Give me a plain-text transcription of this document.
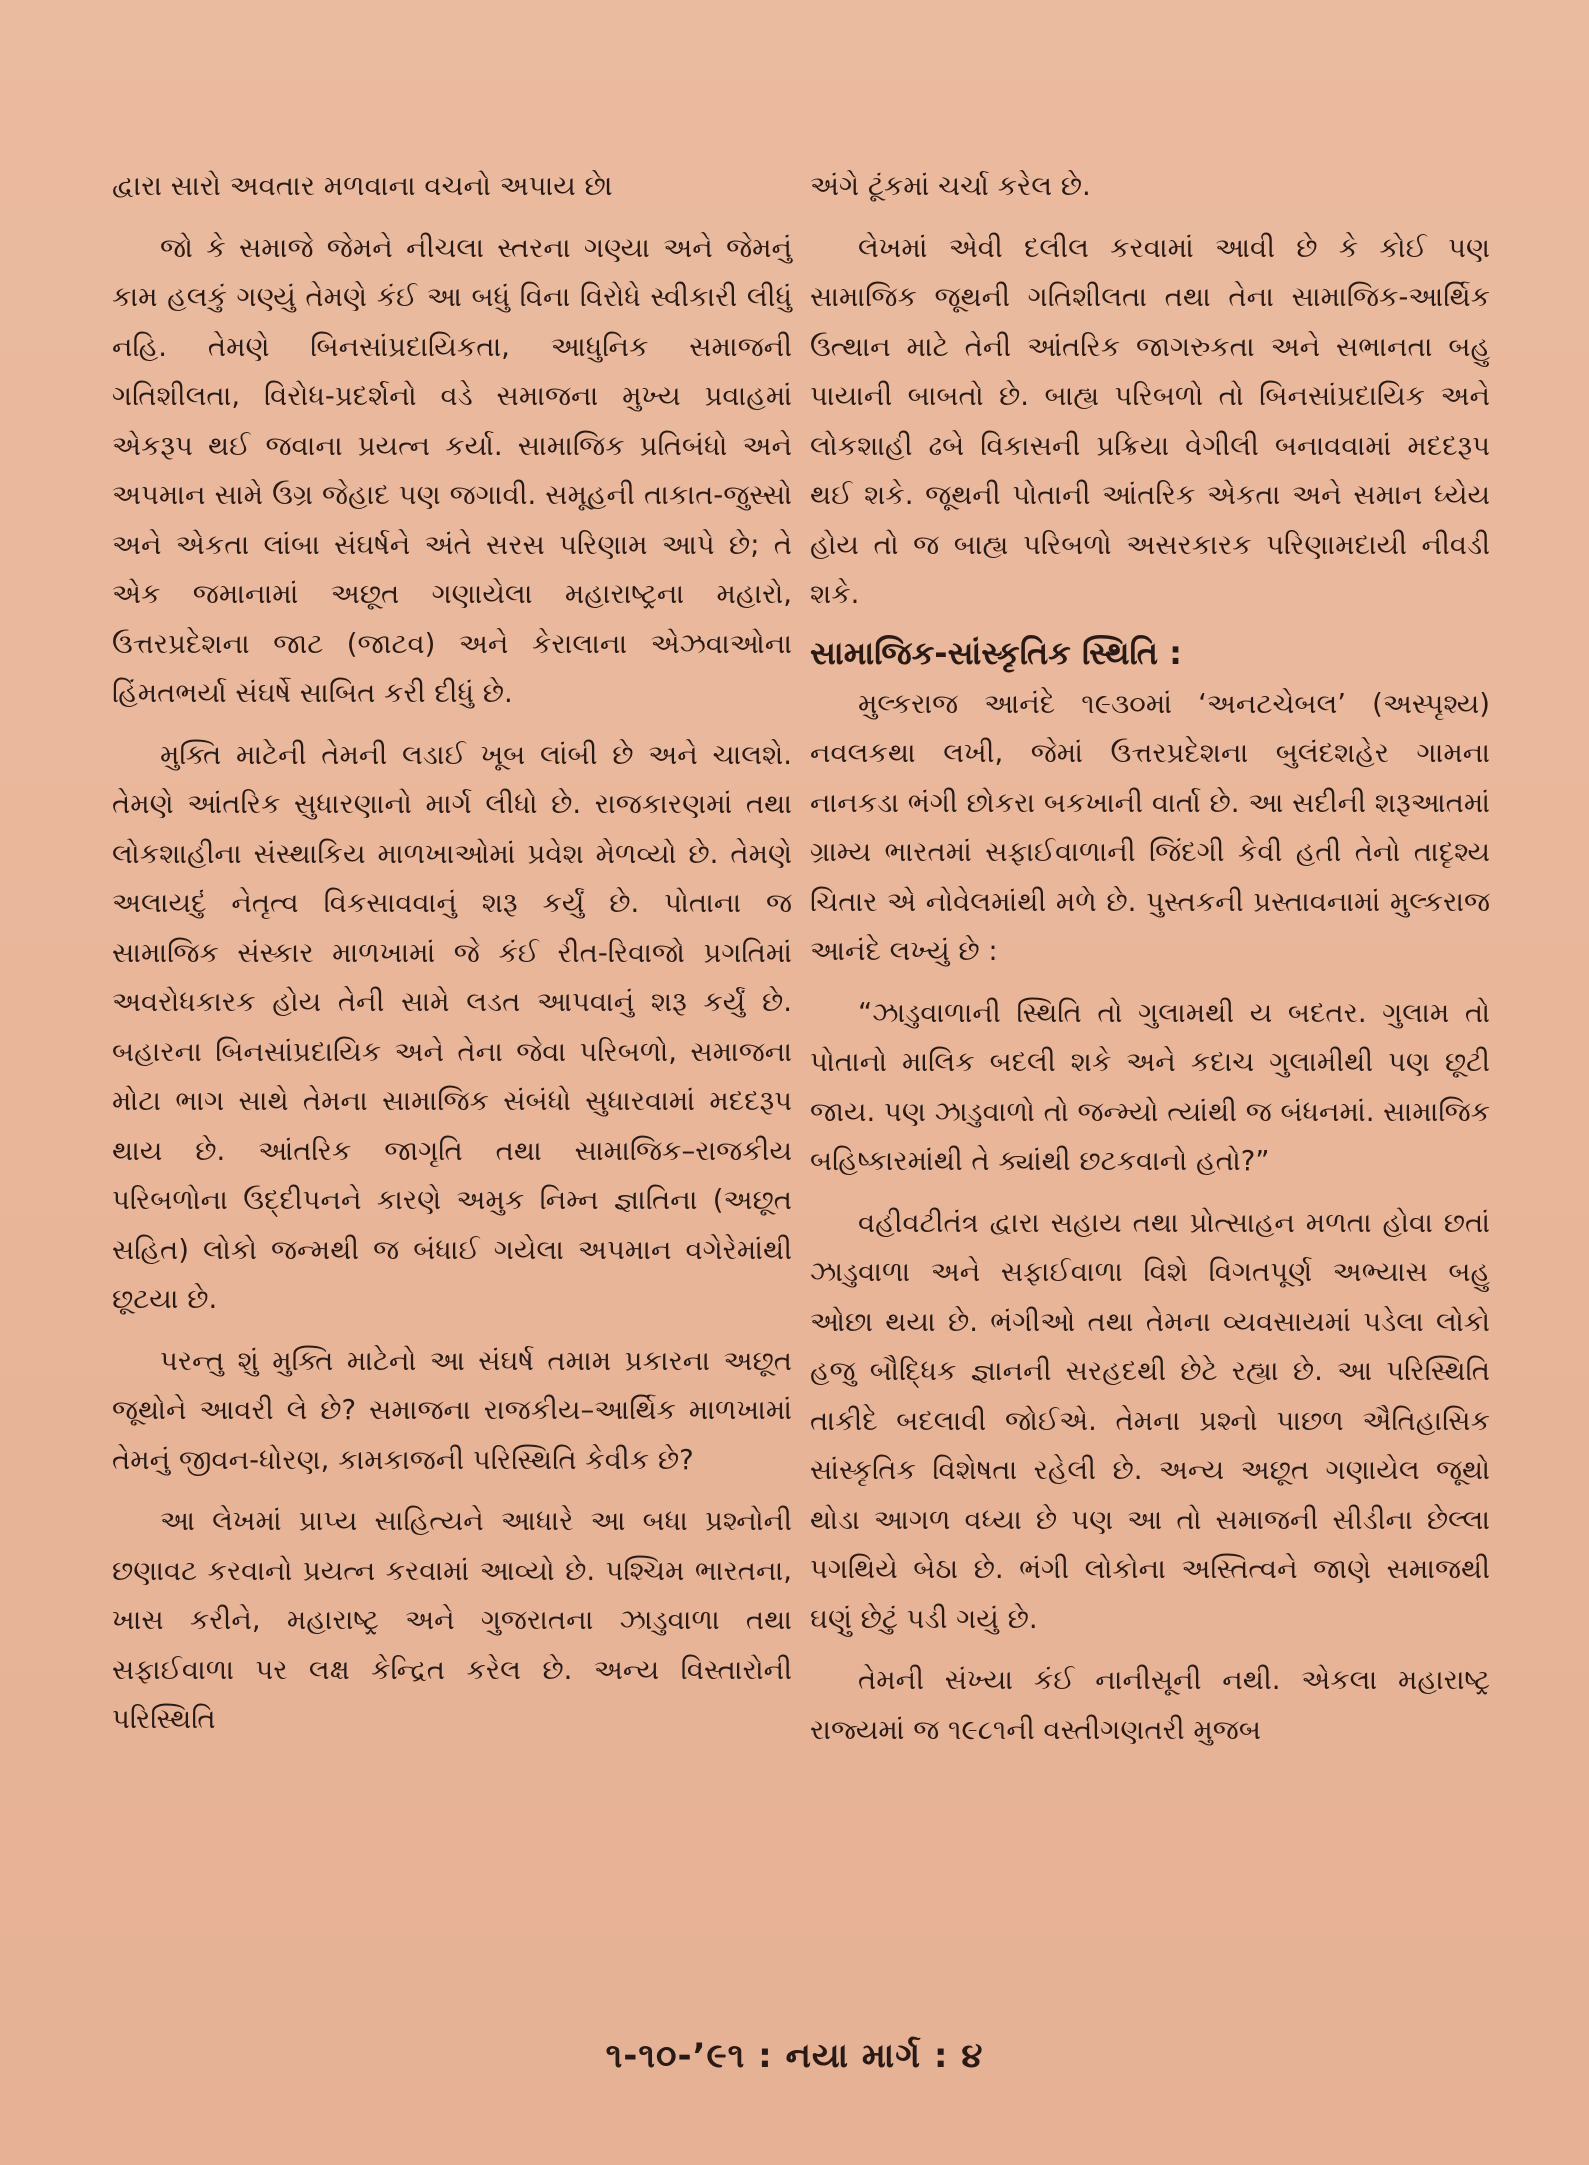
દ્વારા સારો અવતાર મળવાના વચનો અપાય છે।

જો કે સમાજે જેમને નીચલા સ્તરના ગણ્યા અને જેમનું કામ હલકું ગણ્યું તેમણે કંઈ આ બધું વિના વિરોધે સ્વીકારી લીધું નહિ. તેમણે બિનસાંપ્રદાયિકતા, આધુનિક સમાજની ગતિશીલતા, વિરોધ-પ્રદર્શનો વડે સમાજના મુખ્ય પ્રવાહમાં એકરૂપ થઈ જવાના પ્રયત્ન કર્યા. સામાજિક પ્રતિબંધો અને અપમાન સામે ઉગ્ર જેહાદ પણ જગાવી. સમૂહની તાકાત-જુસ્સો અને એકતા લાંબા સંઘર્ષને અંતે સરસ પરિણામ આપે છે; તે એક જમાનામાં અછૂત ગણાયેલા મહારાષ્ટ્રના મહારો, ઉત્તરપ્રદેશના જાટ (જાટવ) અને કેરાલાના એઝવાઓના હિંમતભર્યા સંઘર્ષે સાબિત કરી દીધું છે.

મુક્તિ માટેની તેમની લડાઈ ખૂબ લાંબી છે અને ચાલશે. તેમણે આંતરિક સુધારણાનો માર્ગ લીધો છે. રાજકારણમાં તથા લોકશાહીના સંસ્થાકિય માળખાઓમાં પ્રવેશ મેળવ્યો છે. તેમણે અલાયદું નેતૃત્વ વિકસાવવાનું શરૂ કર્યું છે. પોતાના જ સામાજિક સંસ્કાર માળખામાં જે કંઈ રીત-રિવાજો પ્રગતિમાં અવરોધકારક હોય તેની સામે લડત આપવાનું શરૂ કર્યું છે. બહારના બિનસાંપ્રદાયિક અને તેના જેવા પરિબળો, સમાજના મોટા ભાગ સાથે તેમના સામાજિક સંબંધો સુધારવામાં મદદરૂપ થાય છે. આંતરિક જાગૃતિ તથા સામાજિક–રાજકીય પરિબળોના ઉદ્દીપનને કારણે અમુક નિમ્ન જ્ઞાતિના (અછૂત સહિત) લોકો જન્મથી જ બંધાઈ ગયેલા અપમાન વગેરેમાંથી છૂટયા છે.

પરન્તુ શું મુક્તિ માટેનો આ સંઘર્ષ તમામ પ્રકારના અછૂત જૂથોને આવરી લે છે? સમાજના રાજકીય–આર્થિક માળખામાં તેમનું જીવન-ધોરણ, કામકાજની પરિસ્થિતિ કેવીક છે?

આ લેખમાં પ્રાપ્ય સાહિત્યને આધારે આ બધા પ્રશ્નોની છણાવટ કરવાનો પ્રયત્ન કરવામાં આવ્યો છે. પશ્ચિમ ભારતના, ખાસ કરીને, મહારાષ્ટ્ર અને ગુજરાતના ઝાડુવાળા તથા સફાઈવાળા પર લક્ષ કેન્દ્રિત કરેલ છે. અન્ય વિસ્તારોની પરિસ્થિતિ

અંગે ટૂંકમાં ચર્ચા કરેલ છે.

લેખમાં એવી દલીલ કરવામાં આવી છે કે કોઈ પણ સામાજિક જૂથની ગતિશીલતા તથા તેના સામાજિક-આર્થિક ઉત્થાન માટે તેની આંતરિક જાગરુકતા અને સભાનતા બહુ પાયાની બાબતો છે. બાહ્ય પરિબળો તો બિનસાંપ્રદાયિક અને લોકશાહી ઢબે વિકાસની પ્રક્રિયા વેગીલી બનાવવામાં મદદરૂપ થઈ શકે. જૂથની પોતાની આંતરિક એકતા અને સમાન ધ્યેય હોય તો જ બાહ્ય પરિબળો અસરકારક પરિણામદાયી નીવડી શકે.

સામાજિક-સાંસ્કૃતિક સ્થિતિ :

મુલ્કરાજ આનંદે ૧૯૩૦માં ‘અનટચેબલ’ (અસ્પૃશ્ય) નવલકથા લખી, જેમાં ઉત્તરપ્રદેશના બુલંદશહેર ગામના નાનકડા ભંગી છોકરા બકખાની વાર્તા છે. આ સદીની શરૂઆતમાં ગ્રામ્ય ભારતમાં સફાઈવાળાની જિંદગી કેવી હતી તેનો તાદૃશ્ય ચિતાર એ નોવેલમાંથી મળે છે. પુસ્તકની પ્રસ્તાવનામાં મુલ્કરાજ આનંદે લખ્યું છે :

“ઝાડુવાળાની સ્થિતિ તો ગુલામથી ય બદતર. ગુલામ તો પોતાનો માલિક બદલી શકે અને કદાચ ગુલામીથી પણ છૂટી જાય. પણ ઝાડુવાળો તો જન્મ્યો ત્યાંથી જ બંધનમાં. સામાજિક બહિષ્કારમાંથી તે ક્યાંથી છટકવાનો હતો?”

વહીવટીતંત્ર દ્વારા સહાય તથા પ્રોત્સાહન મળતા હોવા છતાં ઝાડુવાળા અને સફાઈવાળા વિશે વિગતપૂર્ણ અભ્યાસ બહુ ઓછા થયા છે. ભંગીઓ તથા તેમના વ્યવસાયમાં પડેલા લોકો હજુ બૌદ્ધિક જ્ઞાનની સરહદથી છેટે રહ્યા છે. આ પરિસ્થિતિ તાકીદે બદલાવી જોઈએ. તેમના પ્રશ્નો પાછળ ઐતિહાસિક સાંસ્કૃતિક વિશેષતા રહેલી છે. અન્ય અછૂત ગણાયેલ જૂથો થોડા આગળ વધ્યા છે પણ આ તો સમાજની સીડીના છેલ્લા પગથિયે બેઠા છે. ભંગી લોકોના અસ્તિત્વને જાણે સમાજથી ઘણું છેટું પડી ગયું છે.

તેમની સંખ્યા કંઈ નાનીસૂની નથી. એકલા મહારાષ્ટ્ર રાજ્યમાં જ ૧૯૮૧ની વસ્તીગણતરી મુજબ

૧-૧૦-’૯૧ : નયા માર્ગ : ૪
